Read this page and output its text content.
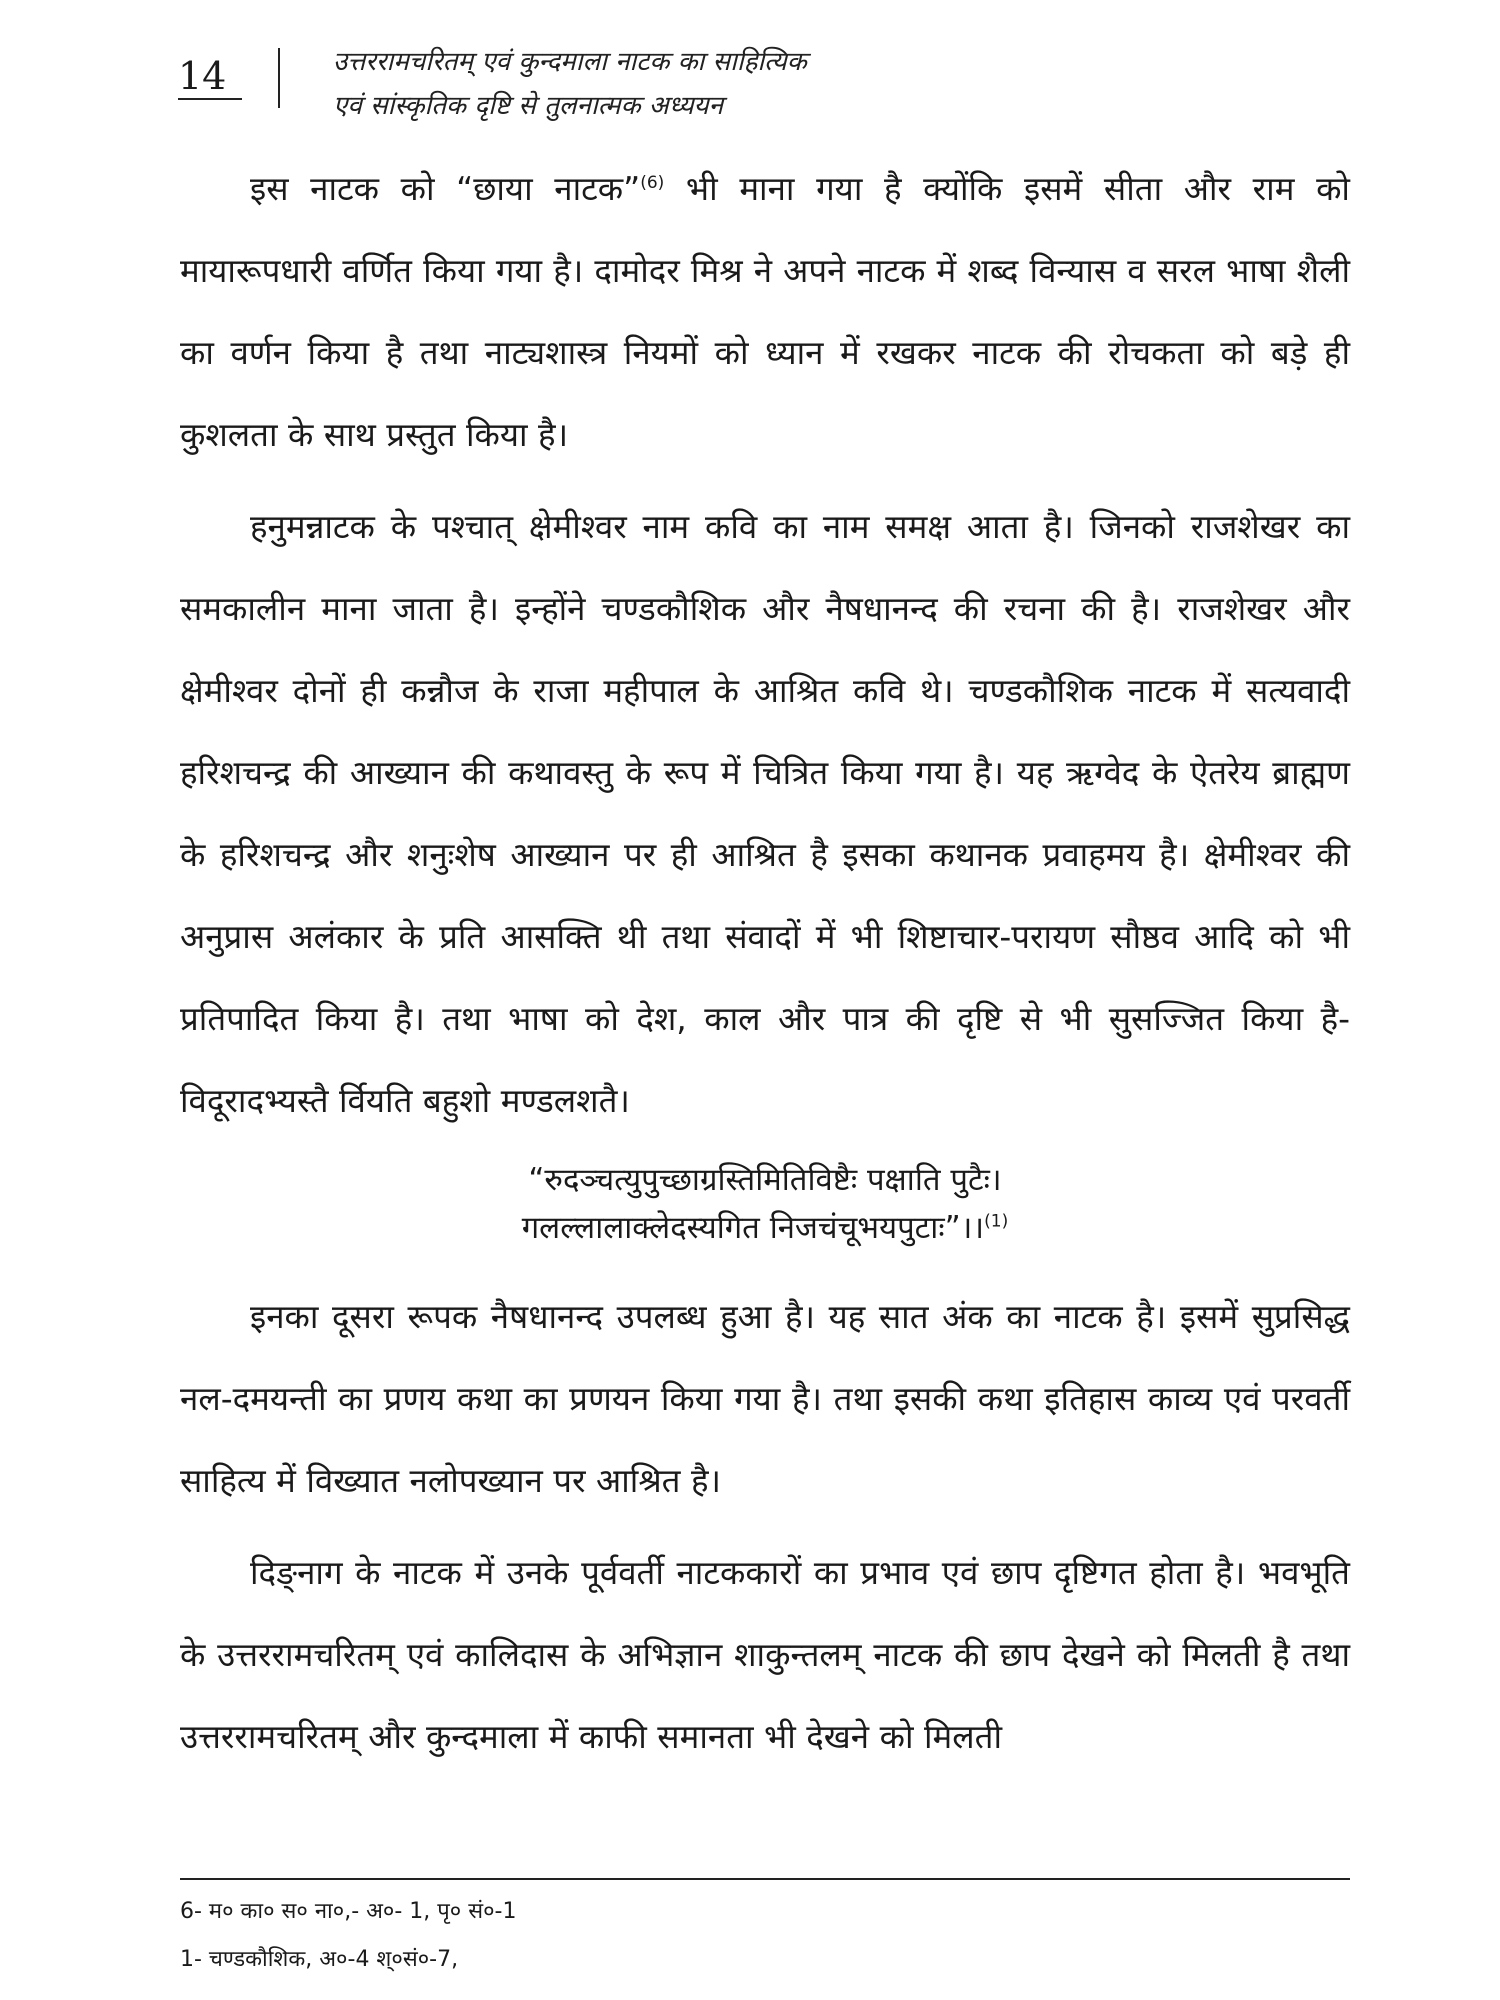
14	उत्तररामचरितम् एवं कुन्दमाला नाटक का साहित्यिक
एवं सांस्कृतिक दृष्टि से तुलनात्मक अध्ययन

इस नाटक को “छाया नाटक”$^{(6)}$ भी माना गया है क्योंकि इसमें सीता और राम को मायारूपधारी वर्णित किया गया है। दामोदर मिश्र ने अपने नाटक में शब्द विन्यास व सरल भाषा शैली का वर्णन किया है तथा नाट्यशास्त्र नियमों को ध्यान में रखकर नाटक की रोचकता को बड़े ही कुशलता के साथ प्रस्तुत किया है।

हनुमन्नाटक के पश्चात् क्षेमीश्वर नाम कवि का नाम समक्ष आता है। जिनको राजशेखर का समकालीन माना जाता है। इन्होंने चण्डकौशिक और नैषधानन्द की रचना की है। राजशेखर और क्षेमीश्वर दोनों ही कन्नौज के राजा महीपाल के आश्रित कवि थे। चण्डकौशिक नाटक में सत्यवादी हरिशचन्द्र की आख्यान की कथावस्तु के रूप में चित्रित किया गया है। यह ऋग्वेद के ऐतरेय ब्राह्मण के हरिशचन्द्र और शनुःशेष आख्यान पर ही आश्रित है इसका कथानक प्रवाहमय है। क्षेमीश्वर की अनुप्रास अलंकार के प्रति आसक्ति थी तथा संवादों में भी शिष्टाचार-परायण सौष्ठव आदि को भी प्रतिपादित किया है। तथा भाषा को देश, काल और पात्र की दृष्टि से भी सुसज्जित किया है-विदूरादभ्यस्तै र्वियति बहुशो मण्डलशतै।

“रुदञ्चत्युपुच्छाग्रस्तिमितिविष्टैः पक्षाति पुटैः।
गलल्लालाक्लेदस्यगित निजचंचूभयपुटाः”।।$^{(1)}$

इनका दूसरा रूपक नैषधानन्द उपलब्ध हुआ है। यह सात अंक का नाटक है। इसमें सुप्रसिद्ध नल-दमयन्ती का प्रणय कथा का प्रणयन किया गया है। तथा इसकी कथा इतिहास काव्य एवं परवर्ती साहित्य में विख्यात नलोपख्यान पर आश्रित है।

दिङ्नाग के नाटक में उनके पूर्ववर्ती नाटककारों का प्रभाव एवं छाप दृष्टिगत होता है। भवभूति के उत्तररामचरितम् एवं कालिदास के अभिज्ञान शाकुन्तलम् नाटक की छाप देखने को मिलती है तथा उत्तररामचरितम् और कुन्दमाला में काफी समानता भी देखने को मिलती

6- म० का० स० ना०,- अ०- 1, पृ० सं०-1
1- चण्डकौशिक, अ०-4 श्०सं०-7,
